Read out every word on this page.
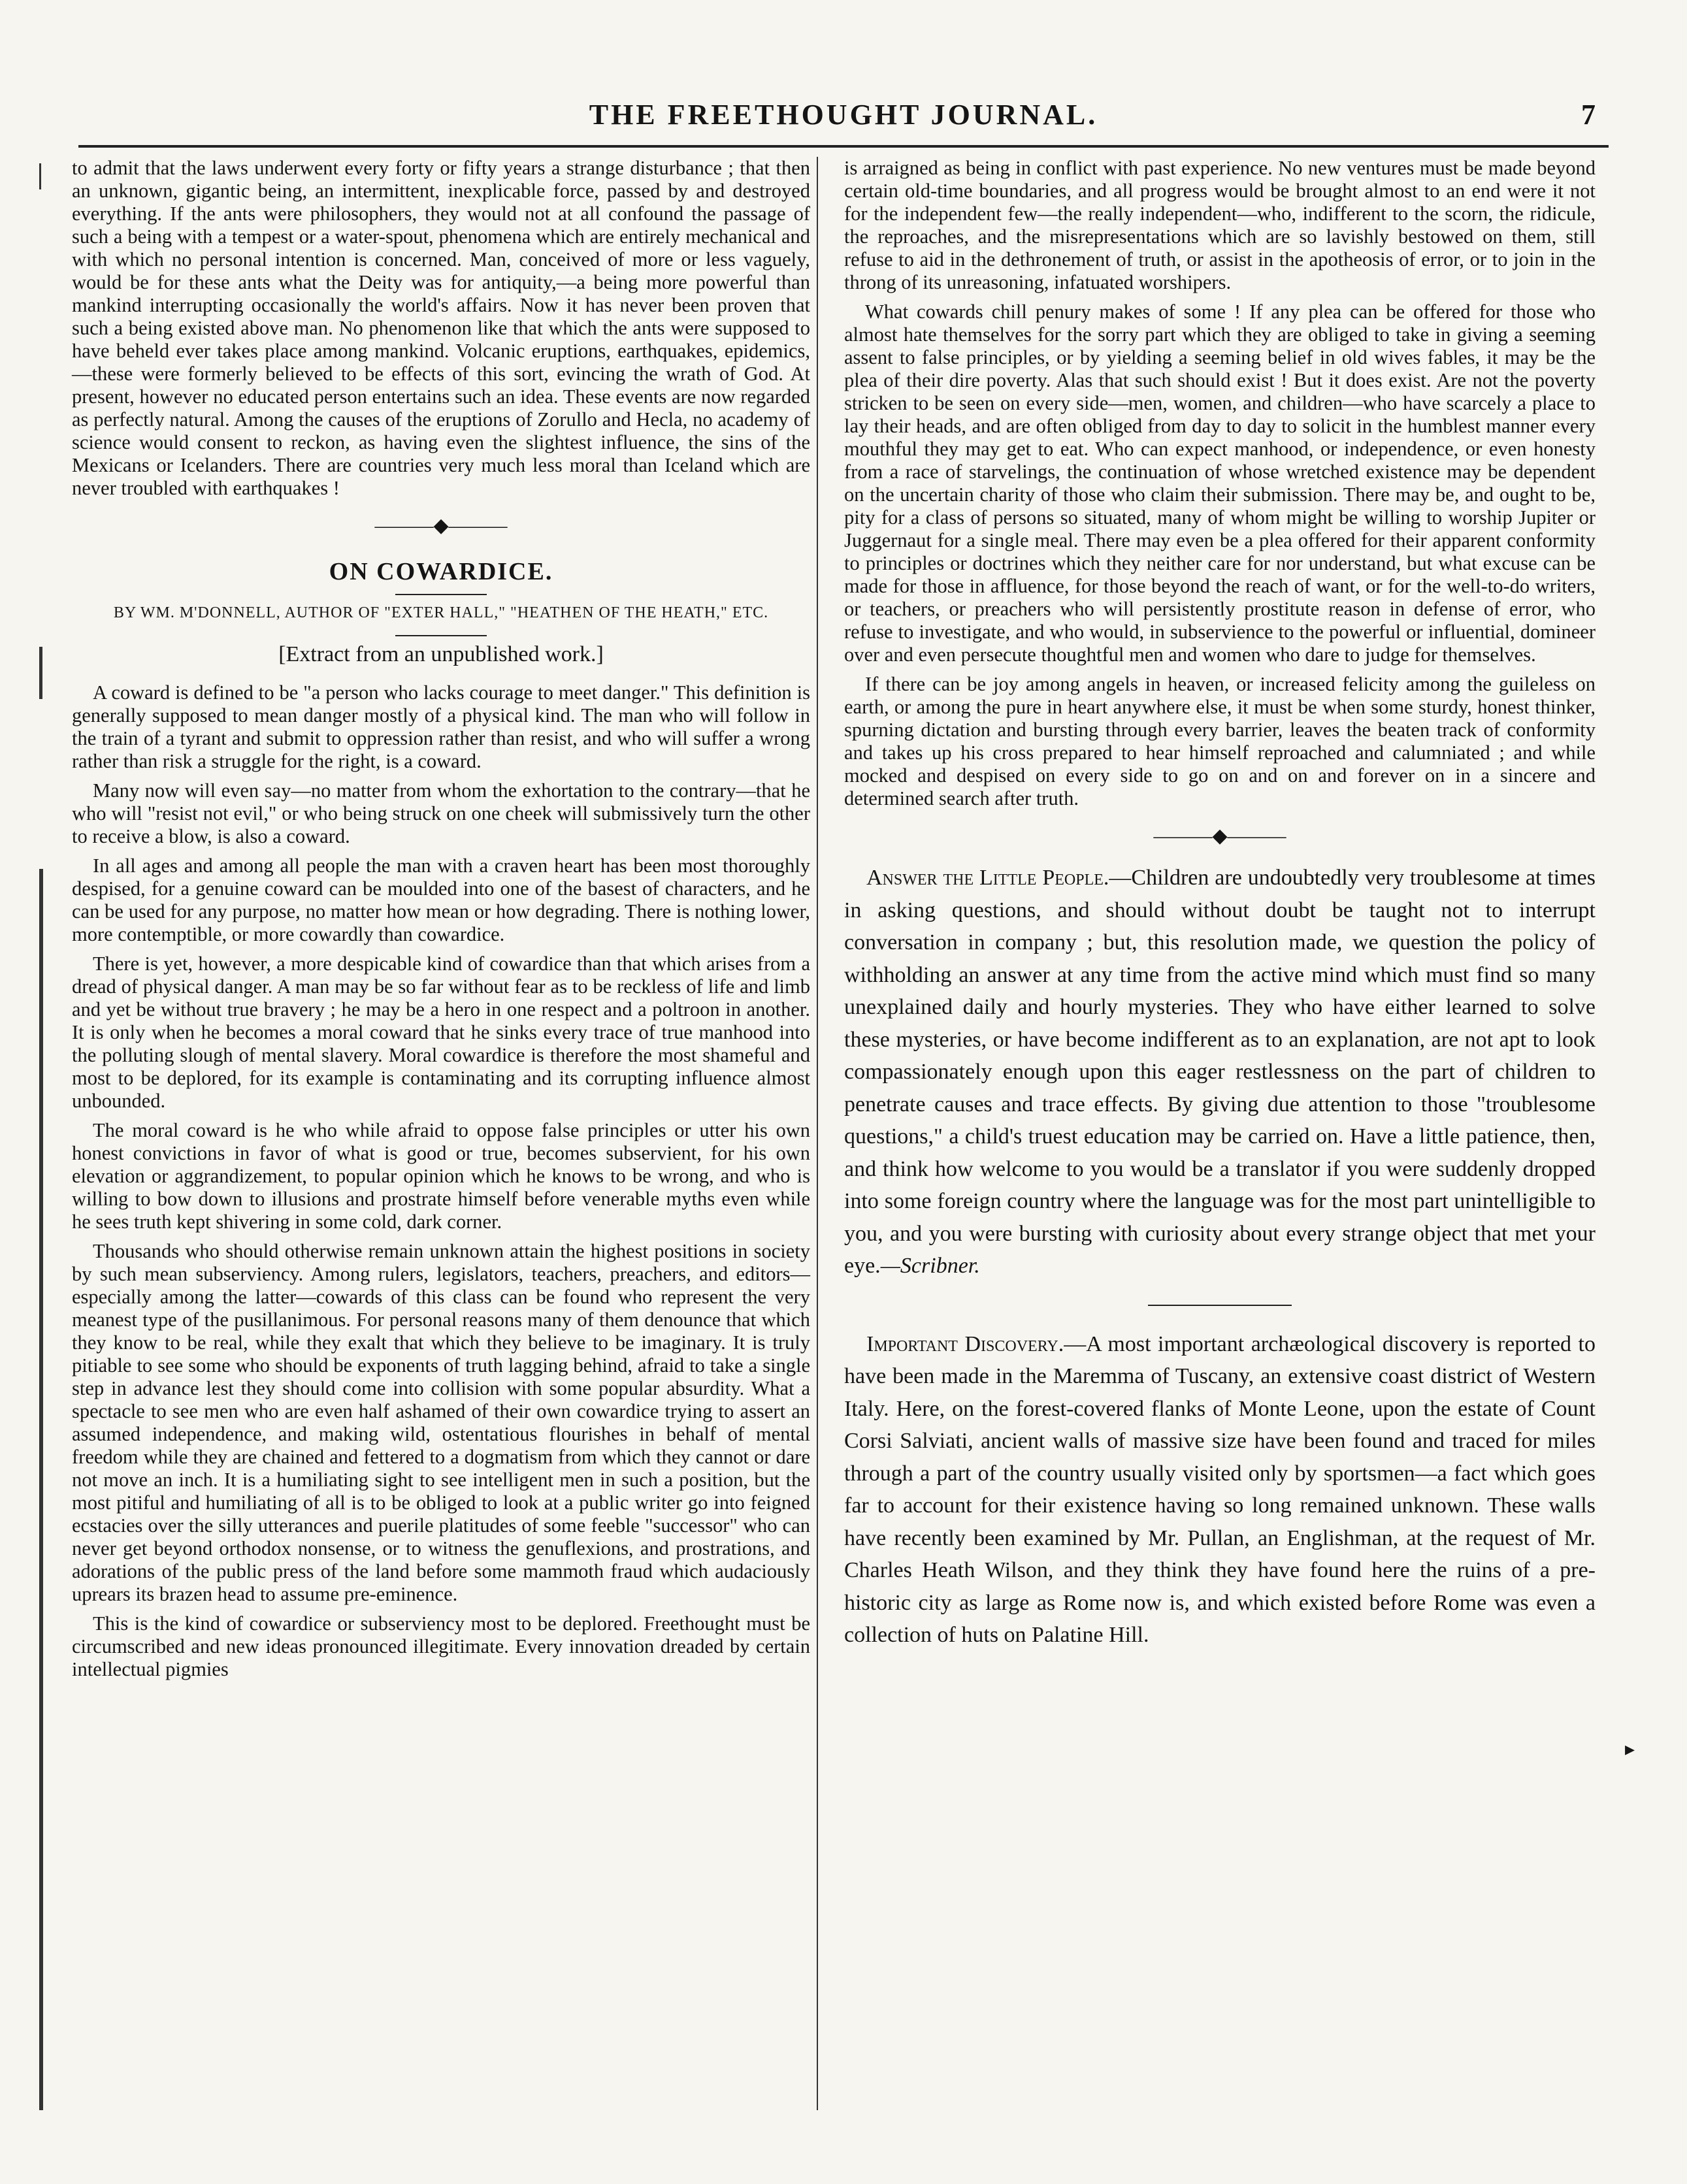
THE FREETHOUGHT JOURNAL.	7

to admit that the laws underwent every forty or fifty years a strange disturbance ; that then an unknown, gigantic being, an intermittent, inexplicable force, passed by and destroyed everything. If the ants were philosophers, they would not at all confound the passage of such a being with a tempest or a water-spout, phenomena which are entirely mechanical and with which no personal intention is concerned. Man, conceived of more or less vaguely, would be for these ants what the Deity was for antiquity,—a being more powerful than mankind interrupting occasionally the world's affairs. Now it has never been proven that such a being existed above man. No phenomenon like that which the ants were supposed to have beheld ever takes place among mankind. Volcanic eruptions, earthquakes, epidemics,—these were formerly believed to be effects of this sort, evincing the wrath of God. At present, however no educated person entertains such an idea. These events are now regarded as perfectly natural. Among the causes of the eruptions of Zorullo and Hecla, no academy of science would consent to reckon, as having even the slightest influence, the sins of the Mexicans or Icelanders. There are countries very much less moral than Iceland which are never troubled with earthquakes !

———◆———
ON COWARDICE.
BY WM. M'DONNELL, AUTHOR OF "EXTER HALL," "HEATHEN OF THE HEATH," ETC.
[Extract from an unpublished work.]

A coward is defined to be "a person who lacks courage to meet danger." This definition is generally supposed to mean danger mostly of a physical kind. The man who will follow in the train of a tyrant and submit to oppression rather than resist, and who will suffer a wrong rather than risk a struggle for the right, is a coward.

Many now will even say—no matter from whom the exhortation to the contrary—that he who will "resist not evil," or who being struck on one cheek will submissively turn the other to receive a blow, is also a coward.

In all ages and among all people the man with a craven heart has been most thoroughly despised, for a genuine coward can be moulded into one of the basest of characters, and he can be used for any purpose, no matter how mean or how degrading. There is nothing lower, more contemptible, or more cowardly than cowardice.

There is yet, however, a more despicable kind of cowardice than that which arises from a dread of physical danger. A man may be so far without fear as to be reckless of life and limb and yet be without true bravery ; he may be a hero in one respect and a poltroon in another. It is only when he becomes a moral coward that he sinks every trace of true manhood into the polluting slough of mental slavery. Moral cowardice is therefore the most shameful and most to be deplored, for its example is contaminating and its corrupting influence almost unbounded.

The moral coward is he who while afraid to oppose false principles or utter his own honest convictions in favor of what is good or true, becomes subservient, for his own elevation or aggrandizement, to popular opinion which he knows to be wrong, and who is willing to bow down to illusions and prostrate himself before venerable myths even while he sees truth kept shivering in some cold, dark corner.

Thousands who should otherwise remain unknown attain the highest positions in society by such mean subserviency. Among rulers, legislators, teachers, preachers, and editors—especially among the latter—cowards of this class can be found who represent the very meanest type of the pusillanimous. For personal reasons many of them denounce that which they know to be real, while they exalt that which they believe to be imaginary. It is truly pitiable to see some who should be exponents of truth lagging behind, afraid to take a single step in advance lest they should come into collision with some popular absurdity. What a spectacle to see men who are even half ashamed of their own cowardice trying to assert an assumed independence, and making wild, ostentatious flourishes in behalf of mental freedom while they are chained and fettered to a dogmatism from which they cannot or dare not move an inch. It is a humiliating sight to see intelligent men in such a position, but the most pitiful and humiliating of all is to be obliged to look at a public writer go into feigned ecstacies over the silly utterances and puerile platitudes of some feeble "successor" who can never get beyond orthodox nonsense, or to witness the genuflexions, and prostrations, and adorations of the public press of the land before some mammoth fraud which audaciously uprears its brazen head to assume pre-eminence.

This is the kind of cowardice or subserviency most to be deplored. Freethought must be circumscribed and new ideas pronounced illegitimate. Every innovation dreaded by certain intellectual pigmies

is arraigned as being in conflict with past experience. No new ventures must be made beyond certain old-time boundaries, and all progress would be brought almost to an end were it not for the independent few—the really independent—who, indifferent to the scorn, the ridicule, the reproaches, and the misrepresentations which are so lavishly bestowed on them, still refuse to aid in the dethronement of truth, or assist in the apotheosis of error, or to join in the throng of its unreasoning, infatuated worshipers.

What cowards chill penury makes of some ! If any plea can be offered for those who almost hate themselves for the sorry part which they are obliged to take in giving a seeming assent to false principles, or by yielding a seeming belief in old wives fables, it may be the plea of their dire poverty. Alas that such should exist ! But it does exist. Are not the poverty stricken to be seen on every side—men, women, and children—who have scarcely a place to lay their heads, and are often obliged from day to day to solicit in the humblest manner every mouthful they may get to eat. Who can expect manhood, or independence, or even honesty from a race of starvelings, the continuation of whose wretched existence may be dependent on the uncertain charity of those who claim their submission. There may be, and ought to be, pity for a class of persons so situated, many of whom might be willing to worship Jupiter or Juggernaut for a single meal. There may even be a plea offered for their apparent conformity to principles or doctrines which they neither care for nor understand, but what excuse can be made for those in affluence, for those beyond the reach of want, or for the well-to-do writers, or teachers, or preachers who will persistently prostitute reason in defense of error, who refuse to investigate, and who would, in subservience to the powerful or influential, domineer over and even persecute thoughtful men and women who dare to judge for themselves.

If there can be joy among angels in heaven, or increased felicity among the guileless on earth, or among the pure in heart anywhere else, it must be when some sturdy, honest thinker, spurning dictation and bursting through every barrier, leaves the beaten track of conformity and takes up his cross prepared to hear himself reproached and calumniated ; and while mocked and despised on every side to go on and on and forever on in a sincere and determined search after truth.

———◆———

Answer the Little People.—Children are undoubtedly very troublesome at times in asking questions, and should without doubt be taught not to interrupt conversation in company ; but, this resolution made, we question the policy of withholding an answer at any time from the active mind which must find so many unexplained daily and hourly mysteries. They who have either learned to solve these mysteries, or have become indifferent as to an explanation, are not apt to look compassionately enough upon this eager restlessness on the part of children to penetrate causes and trace effects. By giving due attention to those "troublesome questions," a child's truest education may be carried on. Have a little patience, then, and think how welcome to you would be a translator if you were suddenly dropped into some foreign country where the language was for the most part unintelligible to you, and you were bursting with curiosity about every strange object that met your eye.—Scribner.

Important Discovery.—A most important archæological discovery is reported to have been made in the Maremma of Tuscany, an extensive coast district of Western Italy. Here, on the forest-covered flanks of Monte Leone, upon the estate of Count Corsi Salviati, ancient walls of massive size have been found and traced for miles through a part of the country usually visited only by sportsmen—a fact which goes far to account for their existence having so long remained unknown. These walls have recently been examined by Mr. Pullan, an Englishman, at the request of Mr. Charles Heath Wilson, and they think they have found here the ruins of a pre-historic city as large as Rome now is, and which existed before Rome was even a collection of huts on Palatine Hill.

▸
